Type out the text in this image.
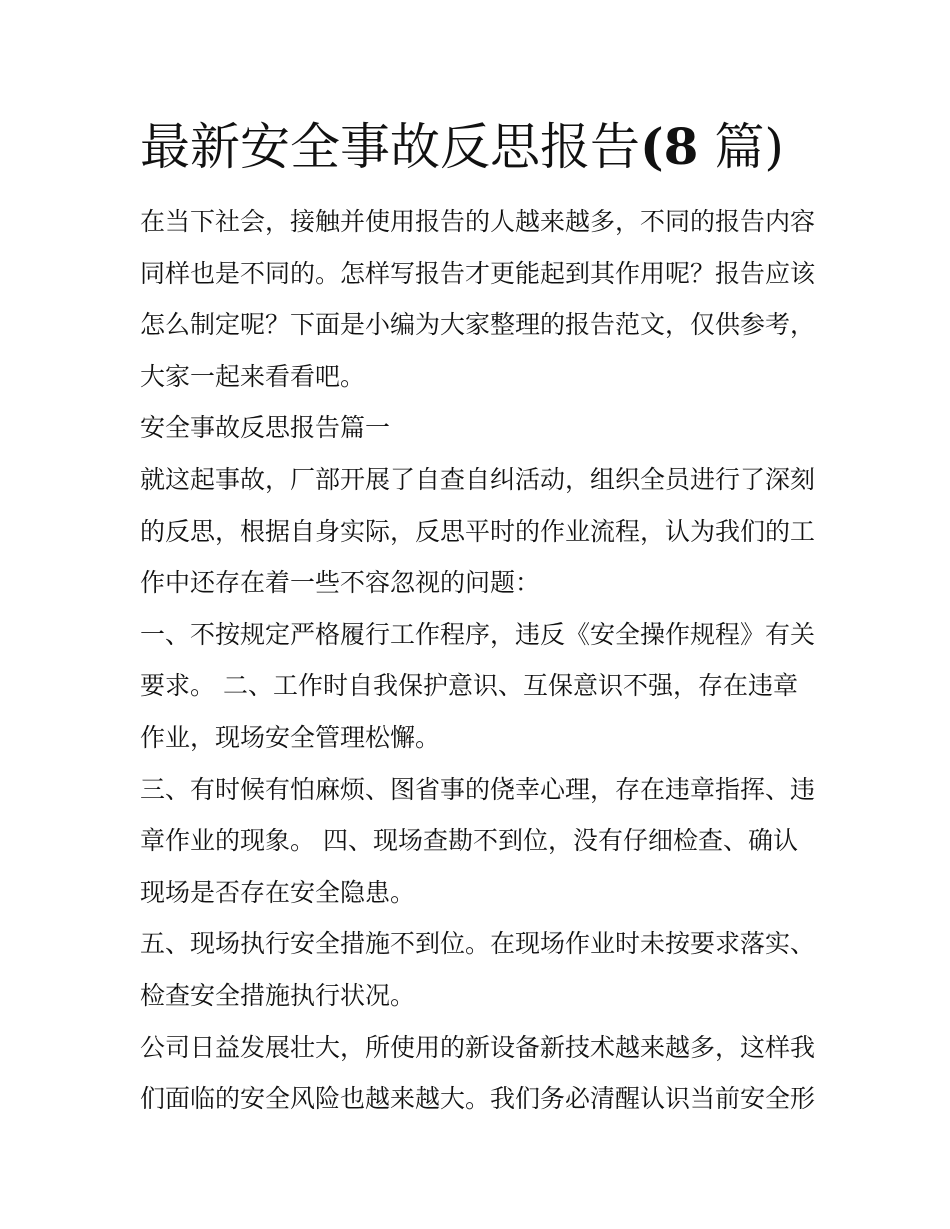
最新安全事故反思报告(8 篇)

在当下社会，接触并使用报告的人越来越多，不同的报告内容

同样也是不同的。怎样写报告才更能起到其作用呢？报告应该

怎么制定呢？下面是小编为大家整理的报告范文，仅供参考，

大家一起来看看吧。

安全事故反思报告篇一

就这起事故，厂部开展了自查自纠活动，组织全员进行了深刻

的反思，根据自身实际，反思平时的作业流程，认为我们的工

作中还存在着一些不容忽视的问题：

一、不按规定严格履行工作程序，违反《安全操作规程》有关

要求。 二、工作时自我保护意识、互保意识不强，存在违章

作业，现场安全管理松懈。

三、有时候有怕麻烦、图省事的侥幸心理，存在违章指挥、违

章作业的现象。 四、现场查勘不到位，没有仔细检查、确认

现场是否存在安全隐患。

五、现场执行安全措施不到位。在现场作业时未按要求落实、

检查安全措施执行状况。

公司日益发展壮大，所使用的新设备新技术越来越多，这样我

们面临的安全风险也越来越大。我们务必清醒认识当前安全形
